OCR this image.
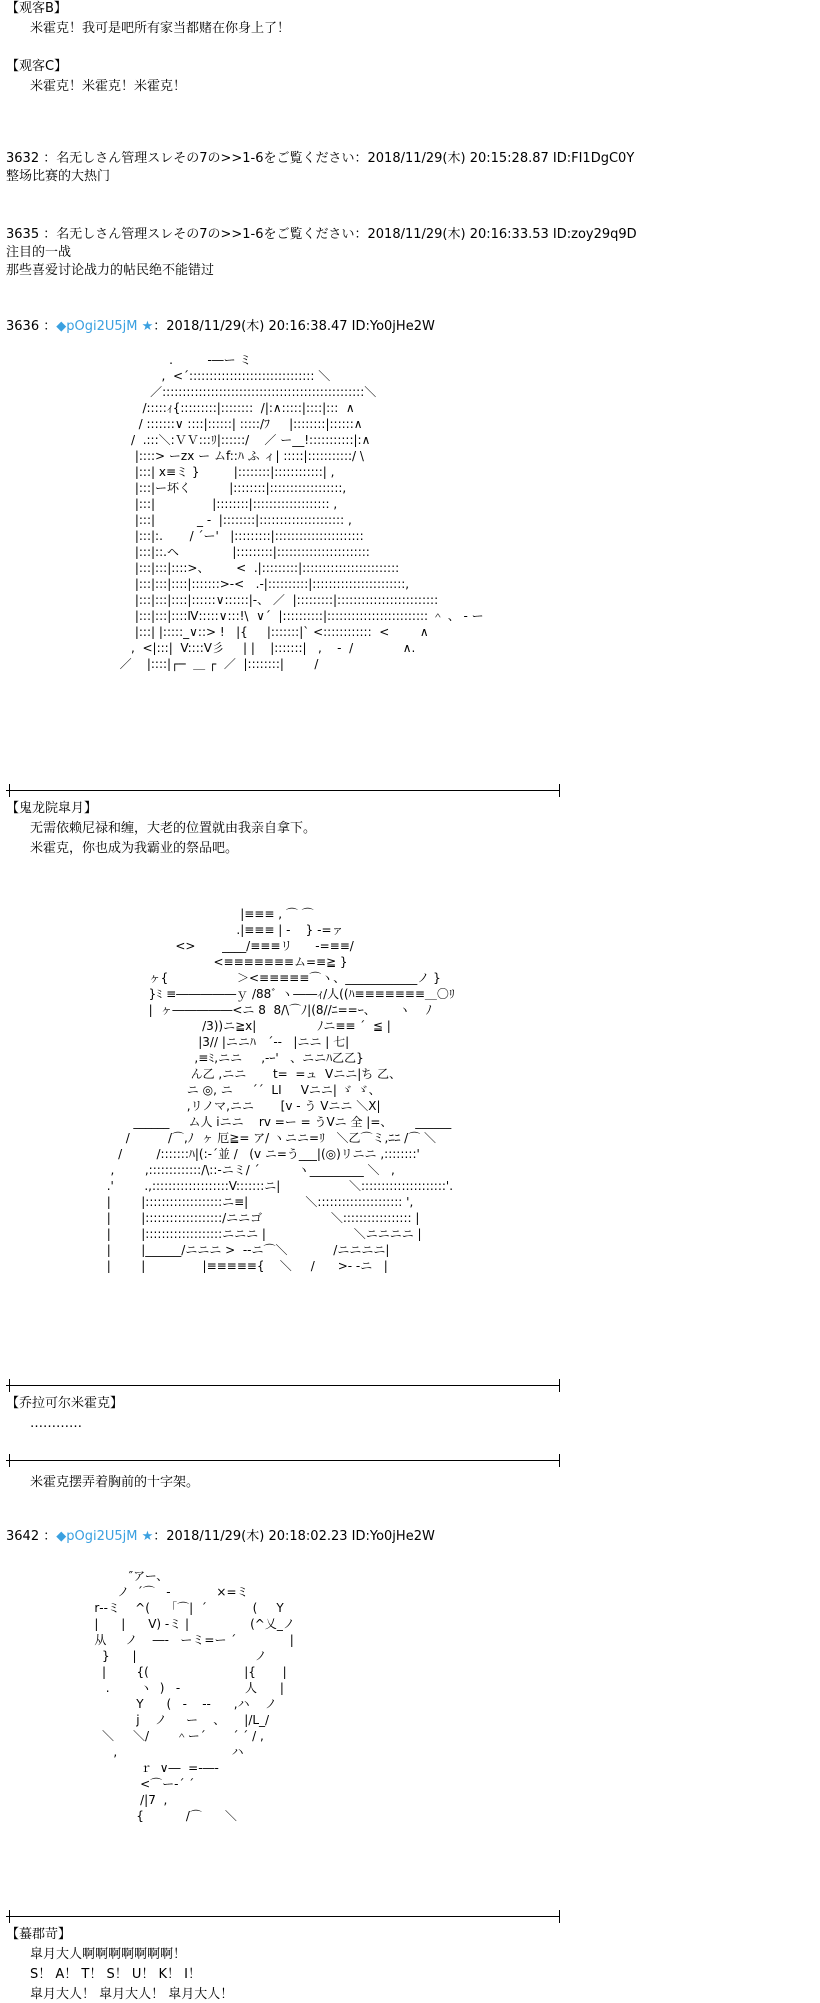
【观客B】
米霍克！我可是吧所有家当都赌在你身上了！
【观客C】
米霍克！米霍克！米霍克！
3632 ：名无しさん管理スレその7の>>1-6をご覧ください：2018/11/29(木) 20:15:28.87 ID:FI1DgC0Y
整场比赛的大热门
3635 ：名无しさん管理スレその7の>>1-6をご覧ください：2018/11/29(木) 20:16:33.53 ID:zoy29q9D
注目的一战
那些喜爱讨论战力的帖民绝不能错过
3636 ：◆pOgi2U5jM ★：2018/11/29(木) 20:16:38.47 ID:Yo0jHe2W
.         -―ー ミ
,  <´::::::::::::::::::::::::::::::: ＼
／::::::::::::::::::::::::::::::::::::::::::::::::::＼
/:::::ｨ{:::::::::|::::::::  /|:∧:::::|::::|:::  ∧
/ :::::::∨ ::::|::::::| :::::/ﾌ     |::::::::|::::::∧
/  .:::＼:ＶＶ:::ﾘ|::::::/    ／ ー__!:::::::::::|:∧
|::::> ーzx ー ムf::ﾊ ふ ィ| :::::|:::::::::::/ \
|:::| x≡ミ }         |::::::::|::::::::::::| ,
|:::|ー坏く          |::::::::|::::::::::::::::::,
|:::|               |::::::::|::::::::::::::::::: ,
|:::|           _ -  |::::::::|::::::::::::::::::::: ,
|:::|:.       / ´ー'   |:::::::::|::::::::::::::::::::::
|:::|::.ヘ              |:::::::::|:::::::::::::::::::::::
|:::|:::|::::>、       <  .|:::::::::|::::::::::::::::::::::::
|:::|:::|::::|:::::::>-<   .-|::::::::::|:::::::::::::::::::::::,
|:::|:::|::::|::::::∨::::::|-、 ／  |:::::::::|:::::::::::::::::::::::::
|:::|:::|::::Ⅳ:::::∨:::!\  ∨´  |::::::::::|::::::::::::::::::::::::: ＾ 、 - ー
|:::| |:::::_∨::> !   |{     |:::::::|` <::::::::::::  <        ∧
,  <|:::|  V::::V彡     | |    |:::::::|   ,    -  /             ∧.
／    |::::|┌─  ＿ ┌  ／  |::::::::|        /
【鬼龙院皐月】
无需依赖尼禄和缠，大老的位置就由我亲自拿下。
米霍克，你也成为我霸业的祭品吧。
|≡≡≡ , ⌒ ⌒
.|≡≡≡ | -    } -=ァ
<>       ____/≡≡≡リ      -=≡≡/
<≡≡≡≡≡≡≡ム=≡≧ }
ヶ{                  ＞<≡≡≡≡≡⌒ヽ、____________ノ }
}ﾐ ≡―――――ｙ /88ﾞ ヽ――ｨ/人((ﾊ≡≡≡≡≡≡≡＿〇ﾘ
|  ヶ―――――<ニ 8  8/\⌒ﾉ|(8//ﾆ==ｰ、      ヽ    ﾉ
/3))ニ≧x|                ﾉニ≡≡ ´  ≦ |
|3// |ニニﾊ   ´‐‐   |ニニ | 七|
,≡ﾐ,ニニ     ,‐ｰ'   、ニニﾊ乙乙}
ん乙 ,ニニ       t=  =ュ  Vニニ|ち 乙、
ニ ◎, ニ     ´´  LI     Vニニ| ゞ ゞ、
,リノマ,ニニ       [v - う Vニニ ＼Ⅹ|
______     ム人 iニニ    rv =ー = うVニ 全 |=、      ______
/          /⌒,ﾉ  ヶ 厄≧= ア/ ヽニニ=ﾘ   ＼乙⌒ミ,ﾆﾆ /⌒ ＼
/         /:::::::ﾊ|(:-´並 /   (v ニ=う___|(◎)リニニ ,::::::::'
,        ,:::::::::::::/\::-ニミ/ ´          ヽ_________ ＼   ,
.'        .,:::::::::::::::::::V:::::::ニ|                  ＼:::::::::::::::::::::'.
|        |:::::::::::::::::::ニ≡|               ＼::::::::::::::::::::: ',
|        |:::::::::::::::::::/ニニゴ                  ＼::::::::::::::::: |
|        |:::::::::::::::::::ニニニ |                       ＼ニニニニ |
|        |______/ニニニ >  ‐‐ニ⌒＼            /ニニニニ|
|        |               |≡≡≡≡≡{    ＼     /      >‐ ‐ニ   |
【乔拉可尔米霍克】
…………
米霍克摆弄着胸前的十字架。
3642 ：◆pOgi2U5jM ★：2018/11/29(木) 20:18:02.23 ID:Yo0jHe2W
″アー、
ノ  ´⌒   -            ×=ミ
r‐‐ミ    ^(    「⌒|  ´            (     Y
|      |      Ⅴ) -ミ |                (^乂_ノ
从     ノ    ―-   ーミ=ー ´              |
}      |                               ノ
|        {(                         |{       |
.        ヽ  )   -                 人      |
Y      (   ‐    ‐‐      ,ハ    ノ
j    ノ     ー    、     |/L_/
＼     ＼/       ＾ー´       ´ ´ / ,
,                              ハ
ｒ  ∨―  =‐―‐
<⌒ー‐´ ´
/|7  ,
{           /⌒      ＼
【蟇郡苛】
皐月大人啊啊啊啊啊啊啊！
S！ A！ T！ S！ U！ K！ I！
皐月大人！ 皐月大人！ 皐月大人！
